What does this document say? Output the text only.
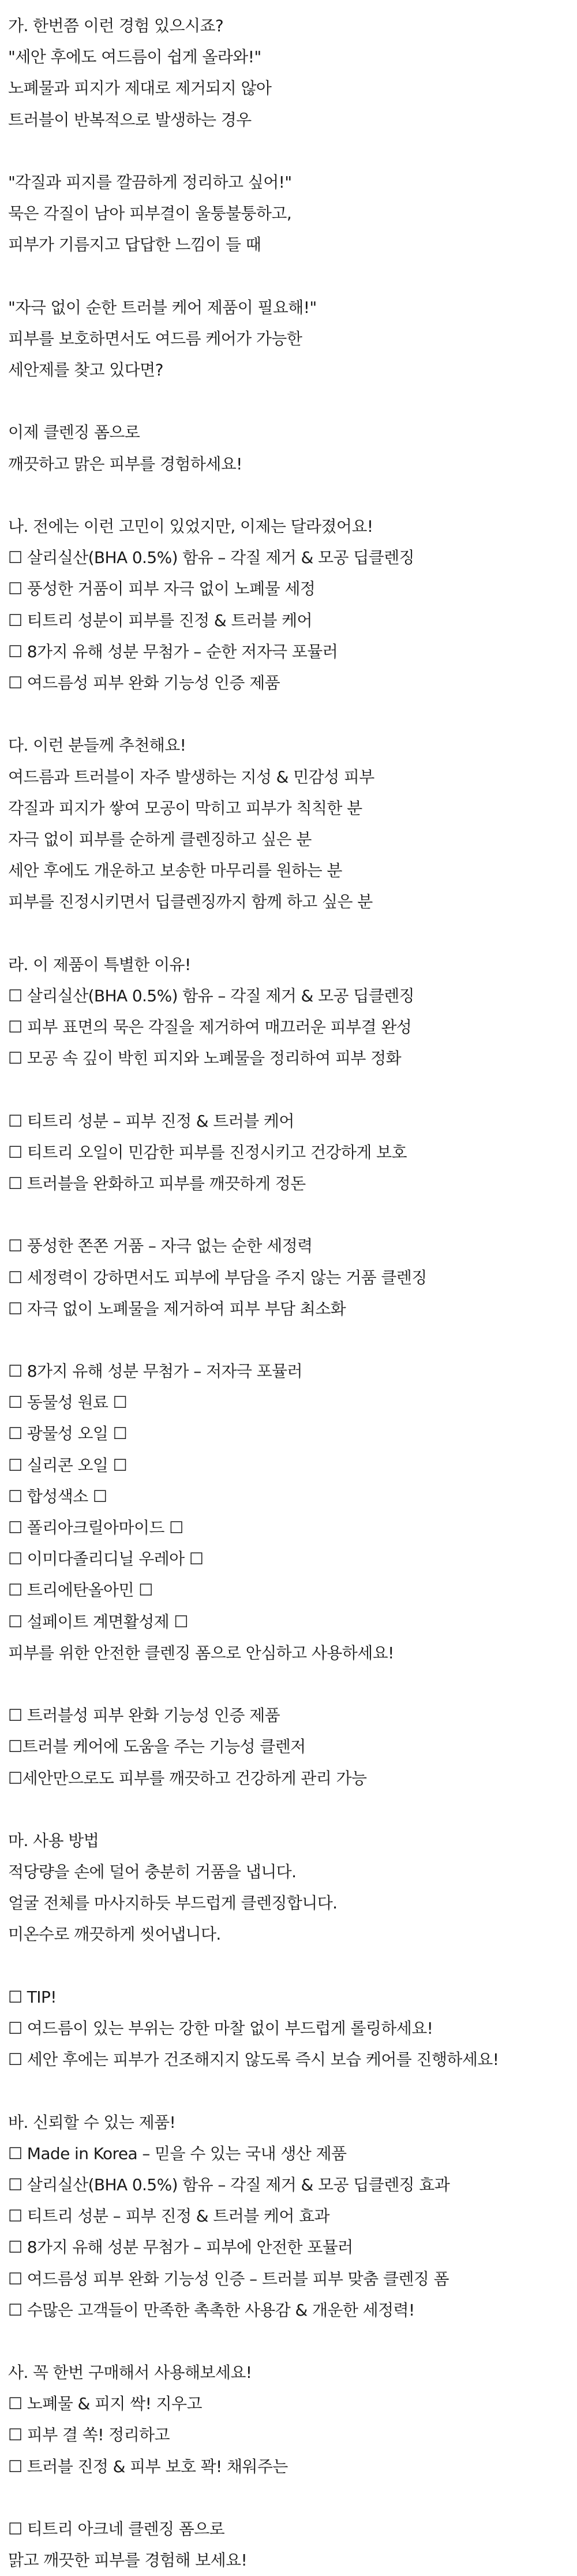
가. 한번쯤 이런 경험 있으시죠?
"세안 후에도 여드름이 쉽게 올라와!"
노폐물과 피지가 제대로 제거되지 않아
트러블이 반복적으로 발생하는 경우
"각질과 피지를 깔끔하게 정리하고 싶어!"
묵은 각질이 남아 피부결이 울퉁불퉁하고,
피부가 기름지고 답답한 느낌이 들 때
"자극 없이 순한 트러블 케어 제품이 필요해!"
피부를 보호하면서도 여드름 케어가 가능한
세안제를 찾고 있다면?
이제 클렌징 폼으로
깨끗하고 맑은 피부를 경험하세요!
나. 전에는 이런 고민이 있었지만, 이제는 달라졌어요!
☐ 살리실산(BHA 0.5%) 함유 – 각질 제거 & 모공 딥클렌징
☐ 풍성한 거품이 피부 자극 없이 노폐물 세정
☐ 티트리 성분이 피부를 진정 & 트러블 케어
☐ 8가지 유해 성분 무첨가 – 순한 저자극 포뮬러
☐ 여드름성 피부 완화 기능성 인증 제품
다. 이런 분들께 추천해요!
여드름과 트러블이 자주 발생하는 지성 & 민감성 피부
각질과 피지가 쌓여 모공이 막히고 피부가 칙칙한 분
자극 없이 피부를 순하게 클렌징하고 싶은 분
세안 후에도 개운하고 보송한 마무리를 원하는 분
피부를 진정시키면서 딥클렌징까지 함께 하고 싶은 분
라. 이 제품이 특별한 이유!
☐ 살리실산(BHA 0.5%) 함유 – 각질 제거 & 모공 딥클렌징
☐ 피부 표면의 묵은 각질을 제거하여 매끄러운 피부결 완성
☐ 모공 속 깊이 박힌 피지와 노폐물을 정리하여 피부 정화
☐ 티트리 성분 – 피부 진정 & 트러블 케어
☐ 티트리 오일이 민감한 피부를 진정시키고 건강하게 보호
☐ 트러블을 완화하고 피부를 깨끗하게 정돈
☐ 풍성한 쫀쫀 거품 – 자극 없는 순한 세정력
☐ 세정력이 강하면서도 피부에 부담을 주지 않는 거품 클렌징
☐ 자극 없이 노폐물을 제거하여 피부 부담 최소화
☐ 8가지 유해 성분 무첨가 – 저자극 포뮬러
☐ 동물성 원료 ☐
☐ 광물성 오일 ☐
☐ 실리콘 오일 ☐
☐ 합성색소 ☐
☐ 폴리아크릴아마이드 ☐
☐ 이미다졸리디닐 우레아 ☐
☐ 트리에탄올아민 ☐
☐ 설페이트 계면활성제 ☐
피부를 위한 안전한 클렌징 폼으로 안심하고 사용하세요!
☐ 트러블성 피부 완화 기능성 인증 제품
☐트러블 케어에 도움을 주는 기능성 클렌저
☐세안만으로도 피부를 깨끗하고 건강하게 관리 가능
마. 사용 방법
적당량을 손에 덜어 충분히 거품을 냅니다.
얼굴 전체를 마사지하듯 부드럽게 클렌징합니다.
미온수로 깨끗하게 씻어냅니다.
☐ TIP!
☐ 여드름이 있는 부위는 강한 마찰 없이 부드럽게 롤링하세요!
☐ 세안 후에는 피부가 건조해지지 않도록 즉시 보습 케어를 진행하세요!
바. 신뢰할 수 있는 제품!
☐ Made in Korea – 믿을 수 있는 국내 생산 제품
☐ 살리실산(BHA 0.5%) 함유 – 각질 제거 & 모공 딥클렌징 효과
☐ 티트리 성분 – 피부 진정 & 트러블 케어 효과
☐ 8가지 유해 성분 무첨가 – 피부에 안전한 포뮬러
☐ 여드름성 피부 완화 기능성 인증 – 트러블 피부 맞춤 클렌징 폼
☐ 수많은 고객들이 만족한 촉촉한 사용감 & 개운한 세정력!
사. 꼭 한번 구매해서 사용해보세요!
☐ 노폐물 & 피지 싹! 지우고
☐ 피부 결 쏙! 정리하고
☐ 트러블 진정 & 피부 보호 꽉! 채워주는
☐ 티트리 아크네 클렌징 폼으로
맑고 깨끗한 피부를 경험해 보세요!
